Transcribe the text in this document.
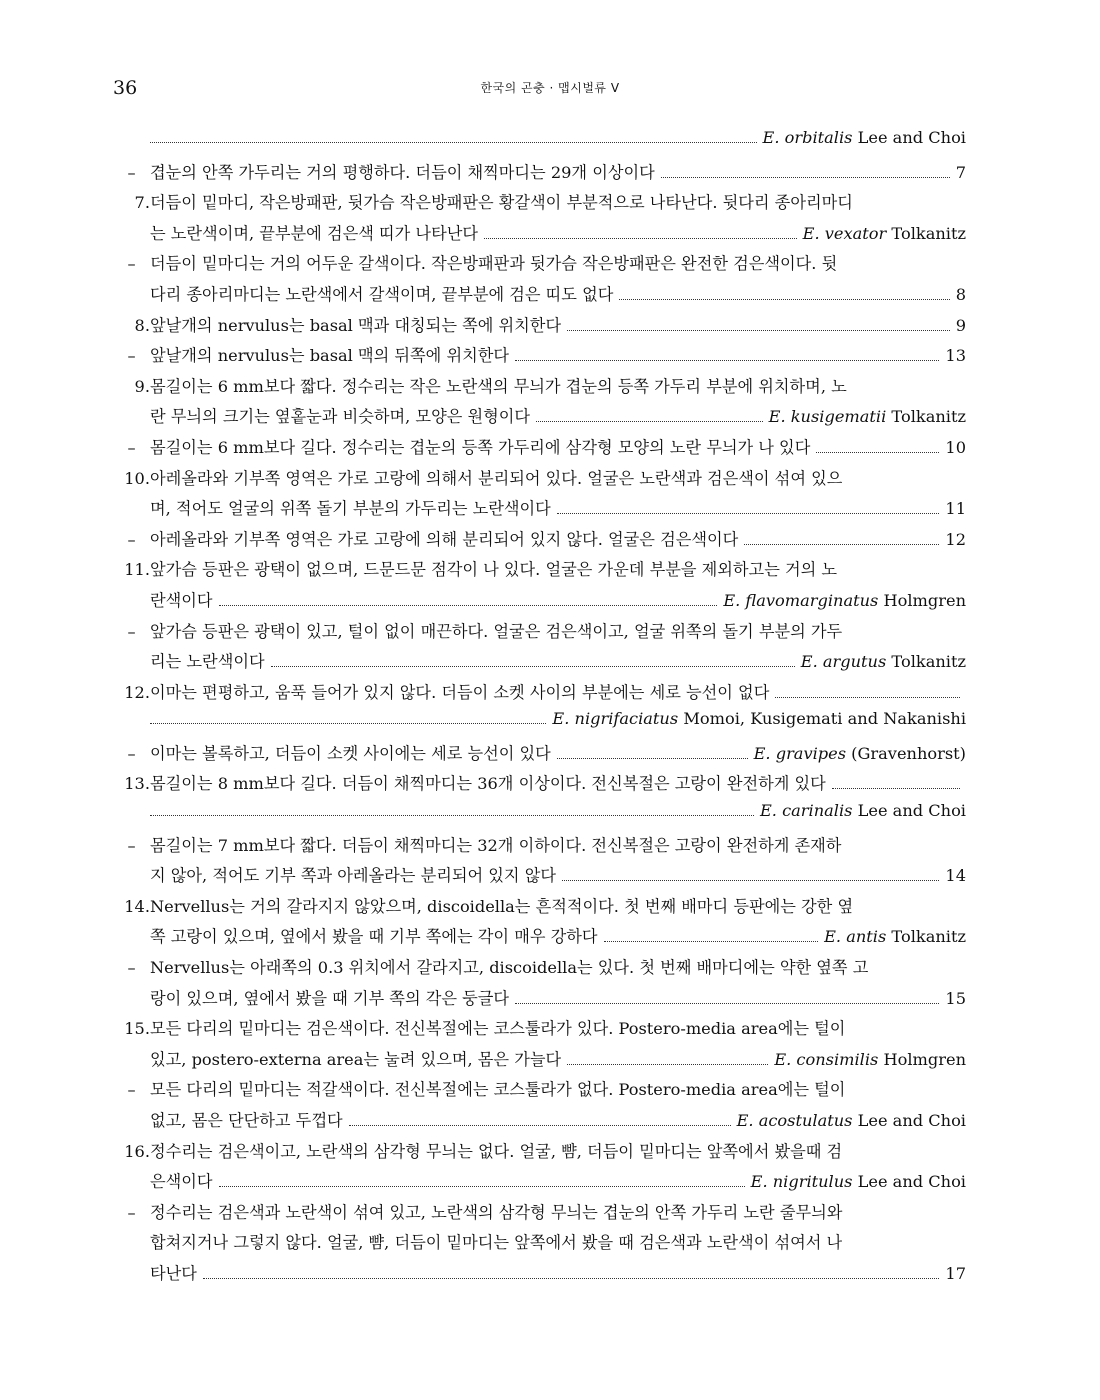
36	한국의 곤충 · 맵시벌류 V
E. orbitalis Lee and Choi
– 겹눈의 안쪽 가두리는 거의 평행하다. 더듬이 채찍마디는 29개 이상이다	7
7. 더듬이 밑마디, 작은방패판, 뒷가슴 작은방패판은 황갈색이 부분적으로 나타난다. 뒷다리 종아리마디
는 노란색이며, 끝부분에 검은색 띠가 나타난다	E. vexator Tolkanitz
– 더듬이 밑마디는 거의 어두운 갈색이다. 작은방패판과 뒷가슴 작은방패판은 완전한 검은색이다. 뒷
다리 종아리마디는 노란색에서 갈색이며, 끝부분에 검은 띠도 없다	8
8. 앞날개의 nervulus는 basal 맥과 대칭되는 쪽에 위치한다	9
– 앞날개의 nervulus는 basal 맥의 뒤쪽에 위치한다	13
9. 몸길이는 6 mm보다 짧다. 정수리는 작은 노란색의 무늬가 겹눈의 등쪽 가두리 부분에 위치하며, 노
란 무늬의 크기는 옆홑눈과 비슷하며, 모양은 원형이다	E. kusigematii Tolkanitz
– 몸길이는 6 mm보다 길다. 정수리는 겹눈의 등쪽 가두리에 삼각형 모양의 노란 무늬가 나 있다	10
10. 아레올라와 기부쪽 영역은 가로 고랑에 의해서 분리되어 있다. 얼굴은 노란색과 검은색이 섞여 있으
며, 적어도 얼굴의 위쪽 돌기 부분의 가두리는 노란색이다	11
– 아레올라와 기부쪽 영역은 가로 고랑에 의해 분리되어 있지 않다. 얼굴은 검은색이다	12
11. 앞가슴 등판은 광택이 없으며, 드문드문 점각이 나 있다. 얼굴은 가운데 부분을 제외하고는 거의 노
란색이다	E. flavomarginatus Holmgren
– 앞가슴 등판은 광택이 있고, 털이 없이 매끈하다. 얼굴은 검은색이고, 얼굴 위쪽의 돌기 부분의 가두
리는 노란색이다	E. argutus Tolkanitz
12. 이마는 편평하고, 움푹 들어가 있지 않다. 더듬이 소켓 사이의 부분에는 세로 능선이 없다
E. nigrifaciatus Momoi, Kusigemati and Nakanishi
– 이마는 볼록하고, 더듬이 소켓 사이에는 세로 능선이 있다	E. gravipes (Gravenhorst)
13. 몸길이는 8 mm보다 길다. 더듬이 채찍마디는 36개 이상이다. 전신복절은 고랑이 완전하게 있다
E. carinalis Lee and Choi
– 몸길이는 7 mm보다 짧다. 더듬이 채찍마디는 32개 이하이다. 전신복절은 고랑이 완전하게 존재하
지 않아, 적어도 기부 쪽과 아레올라는 분리되어 있지 않다	14
14. Nervellus는 거의 갈라지지 않았으며, discoidella는 흔적적이다. 첫 번째 배마디 등판에는 강한 옆
쪽 고랑이 있으며, 옆에서 봤을 때 기부 쪽에는 각이 매우 강하다	E. antis Tolkanitz
– Nervellus는 아래쪽의 0.3 위치에서 갈라지고, discoidella는 있다. 첫 번째 배마디에는 약한 옆쪽 고
랑이 있으며, 옆에서 봤을 때 기부 쪽의 각은 둥글다	15
15. 모든 다리의 밑마디는 검은색이다. 전신복절에는 코스툴라가 있다. Postero-media area에는 털이
있고, postero-externa area는 눌려 있으며, 몸은 가늘다	E. consimilis Holmgren
– 모든 다리의 밑마디는 적갈색이다. 전신복절에는 코스툴라가 없다. Postero-media area에는 털이
없고, 몸은 단단하고 두껍다	E. acostulatus Lee and Choi
16. 정수리는 검은색이고, 노란색의 삼각형 무늬는 없다. 얼굴, 뺨, 더듬이 밑마디는 앞쪽에서 봤을때 검
은색이다	E. nigritulus Lee and Choi
– 정수리는 검은색과 노란색이 섞여 있고, 노란색의 삼각형 무늬는 겹눈의 안쪽 가두리 노란 줄무늬와
합쳐지거나 그렇지 않다. 얼굴, 뺨, 더듬이 밑마디는 앞쪽에서 봤을 때 검은색과 노란색이 섞여서 나
타난다	17
